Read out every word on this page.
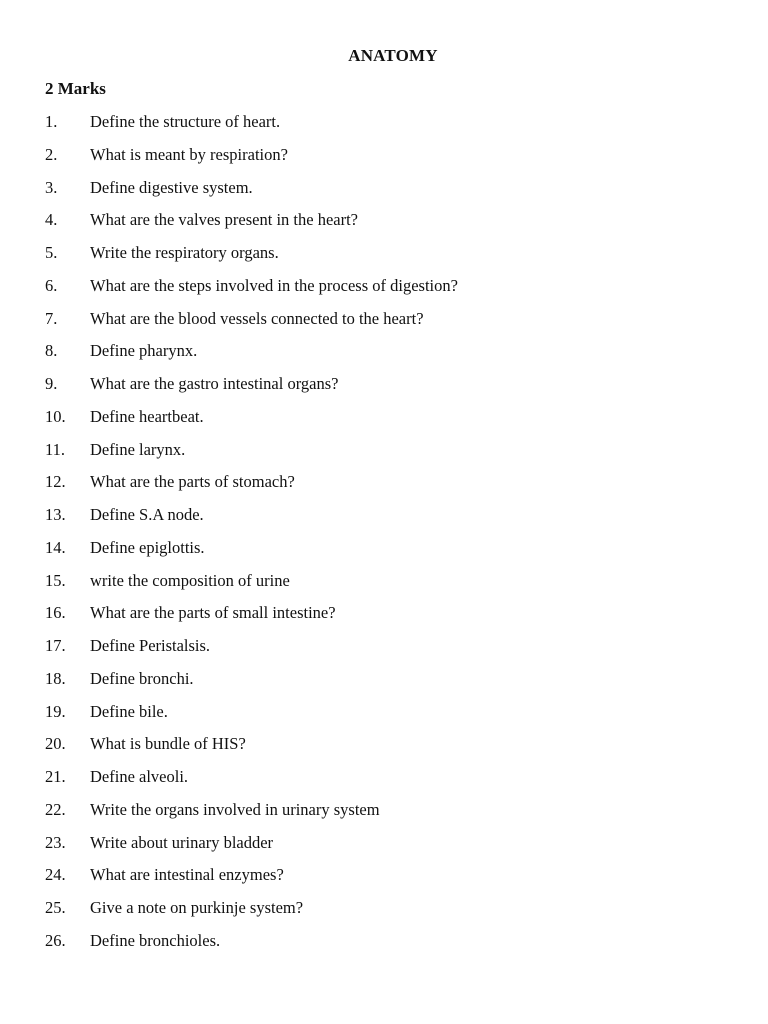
ANATOMY
2 Marks
1. Define the structure of heart.
2. What is meant by respiration?
3. Define digestive system.
4. What are the valves present in the heart?
5. Write the respiratory organs.
6. What are the steps involved in the process of digestion?
7. What are the blood vessels connected to the heart?
8. Define pharynx.
9. What are the gastro intestinal organs?
10. Define heartbeat.
11. Define larynx.
12. What are the parts of stomach?
13. Define S.A node.
14. Define epiglottis.
15. write the composition of urine
16. What are the parts of small intestine?
17. Define Peristalsis.
18. Define bronchi.
19. Define bile.
20. What is bundle of HIS?
21. Define alveoli.
22. Write the organs involved in urinary system
23. Write about urinary bladder
24. What are intestinal enzymes?
25. Give a note on purkinje system?
26. Define bronchioles.
